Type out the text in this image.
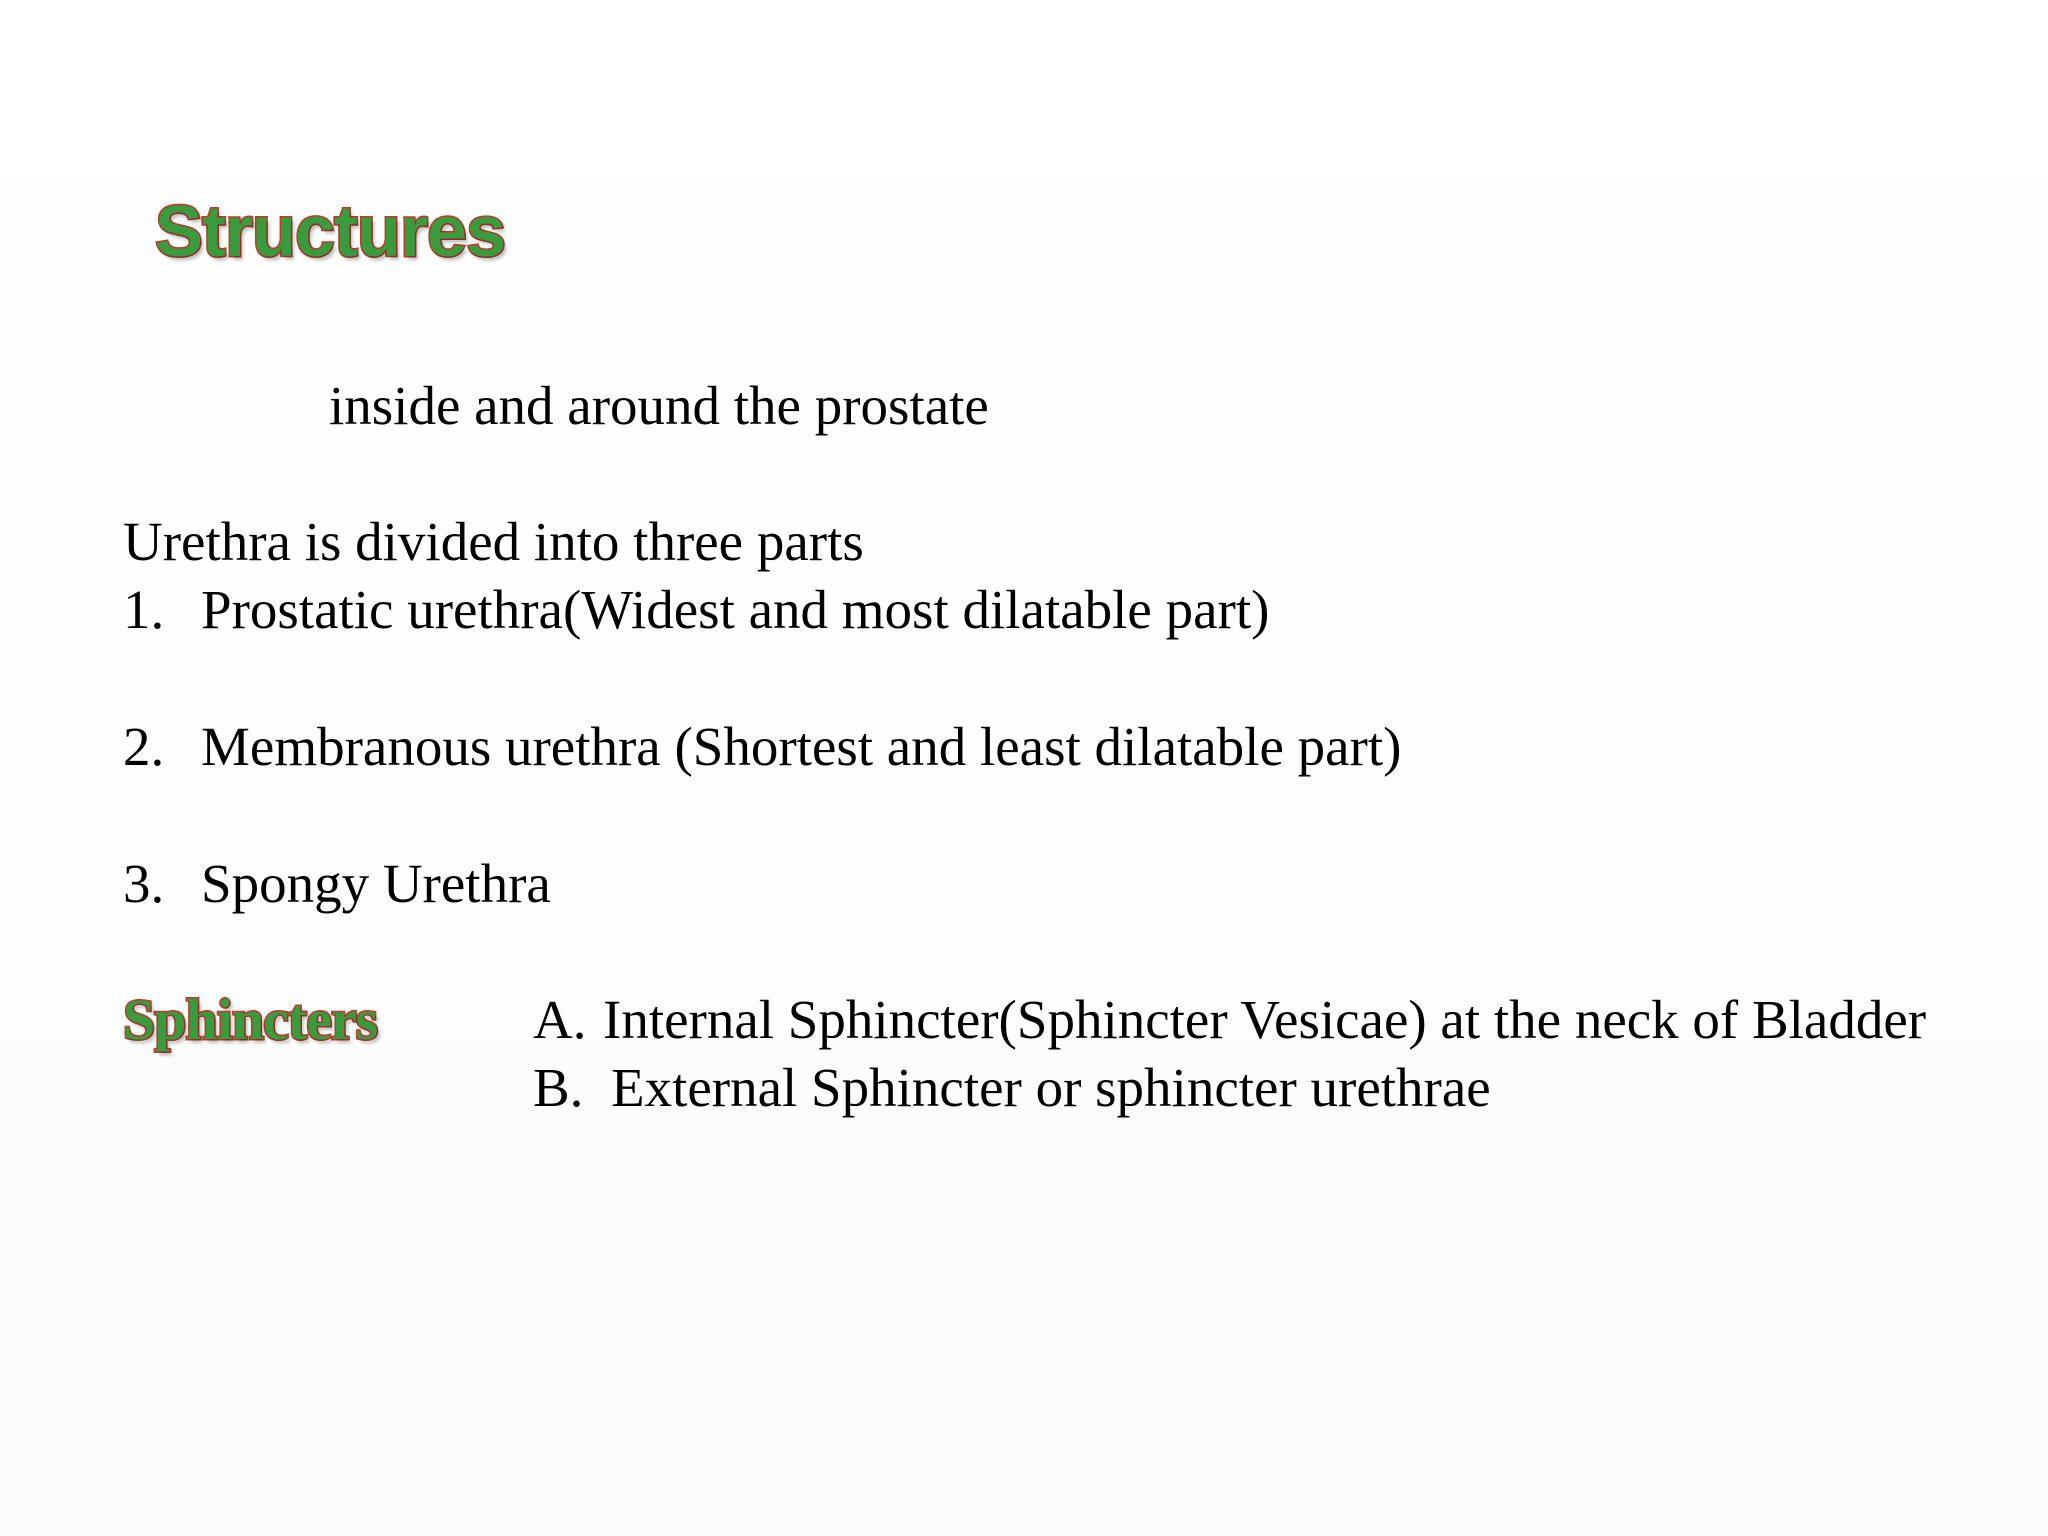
Structures

inside and around the prostate

Urethra is divided into three parts

1. Prostatic urethra(Widest and most dilatable part)
2. Membranous urethra (Shortest and least dilatable part)
3. Spongy Urethra

Sphincters	A. Internal Sphincter(Sphincter Vesicae) at the neck of Bladder
B. External Sphincter or sphincter urethrae
